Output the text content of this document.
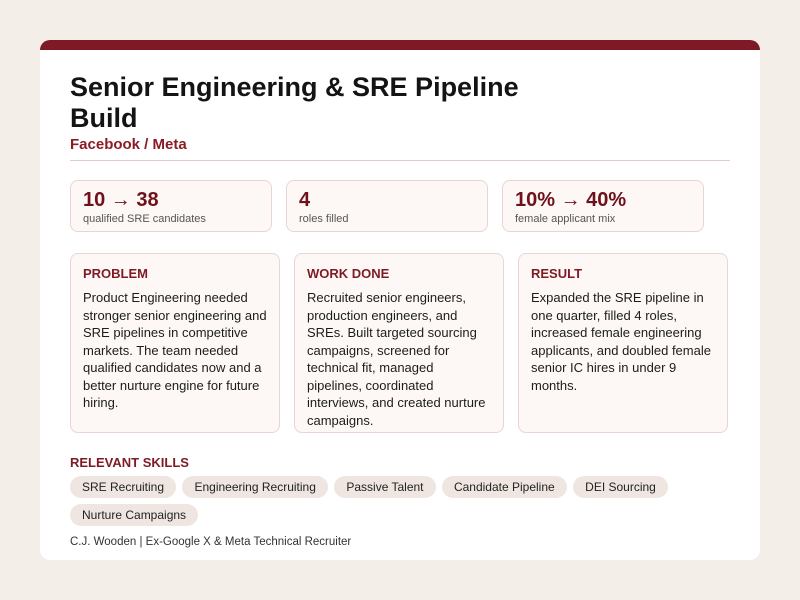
Senior Engineering & SRE Pipeline Build
Facebook / Meta
10 → 38
qualified SRE candidates
4
roles filled
10% → 40%
female applicant mix
PROBLEM
Product Engineering needed stronger senior engineering and SRE pipelines in competitive markets. The team needed qualified candidates now and a better nurture engine for future hiring.
WORK DONE
Recruited senior engineers, production engineers, and SREs. Built targeted sourcing campaigns, screened for technical fit, managed pipelines, coordinated interviews, and created nurture campaigns.
RESULT
Expanded the SRE pipeline in one quarter, filled 4 roles, increased female engineering applicants, and doubled female senior IC hires in under 9 months.
RELEVANT SKILLS
SRE Recruiting	Engineering Recruiting	Passive Talent	Candidate Pipeline	DEI Sourcing Nurture Campaigns
C.J. Wooden | Ex-Google X & Meta Technical Recruiter
